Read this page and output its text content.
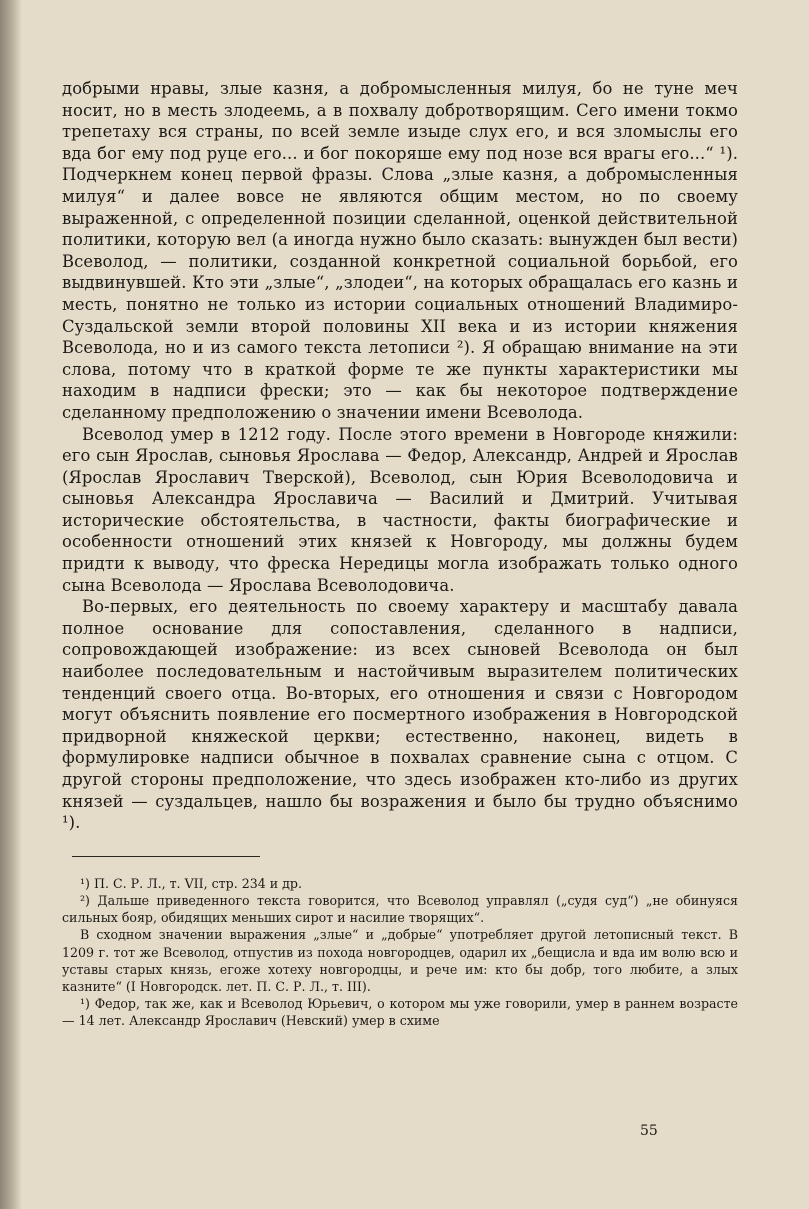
добрыми нравы, злые казня, а добромысленныя милуя, бо не туне меч носит, но в месть злодеемь, а в похвалу добротворящим. Сего имени токмо трепетаху вся страны, по всей земле изыде слух его, и вся зломыслы его вда бог ему под руце его... и бог покоряше ему под нозе вся врагы его...“ ¹). Подчеркнем конец первой фразы. Слова „злые казня, а добромысленныя милуя“ и далее вовсе не являются общим местом, но по своему выраженной, с определенной позиции сделанной, оценкой действительной политики, которую вел (а иногда нужно было сказать: вынужден был вести) Всеволод, — политики, созданной конкретной социальной борьбой, его выдвинувшей. Кто эти „злые“, „злодеи“, на которых обращалась его казнь и месть, понятно не только из истории социальных отношений Владимиро-Суздальской земли второй половины XII века и из истории княжения Всеволода, но и из самого текста летописи ²). Я обращаю внимание на эти слова, потому что в краткой форме те же пункты характеристики мы находим в надписи фрески; это — как бы некоторое подтверждение сделанному предположению о значении имени Всеволода.

Всеволод умер в 1212 году. После этого времени в Новгороде княжили: его сын Ярослав, сыновья Ярослава — Федор, Александр, Андрей и Ярослав (Ярослав Ярославич Тверской), Всеволод, сын Юрия Всеволодовича и сыновья Александра Ярославича — Василий и Дмитрий. Учитывая исторические обстоятельства, в частности, факты биографические и особенности отношений этих князей к Новгороду, мы должны будем придти к выводу, что фреска Нередицы могла изображать только одного сына Всеволода — Ярослава Всеволодовича.

Во-первых, его деятельность по своему характеру и масштабу давала полное основание для сопоставления, сделанного в надписи, сопровождающей изображение: из всех сыновей Всеволода он был наиболее последовательным и настойчивым выразителем политических тенденций своего отца. Во-вторых, его отношения и связи с Новгородом могут объяснить появление его посмертного изображения в Новгородской придворной княжеской церкви; естественно, наконец, видеть в формулировке надписи обычное в похвалах сравнение сына с отцом. С другой стороны предположение, что здесь изображен кто-либо из других князей — суздальцев, нашло бы возражения и было бы трудно объяснимо ¹).

¹) П. С. Р. Л., т. VII, стр. 234 и др.

²) Дальше приведенного текста говорится, что Всеволод управлял („судя суд“) „не обинуяся сильных бояр, обидящих меньших сирот и насилие творящих“.

В сходном значении выражения „злые“ и „добрые“ употребляет другой летописный текст. В 1209 г. тот же Всеволод, отпустив из похода новгородцев, одарил их „бещисла и вда им волю всю и уставы старых князь, егоже хотеху новгородцы, и рече им: кто бы добр, того любите, а злых казните“ (I Новгородск. лет. П. С. Р. Л., т. III).

¹) Федор, так же, как и Всеволод Юрьевич, о котором мы уже говорили, умер в раннем возрасте — 14 лет. Александр Ярославич (Невский) умер в схиме

55
